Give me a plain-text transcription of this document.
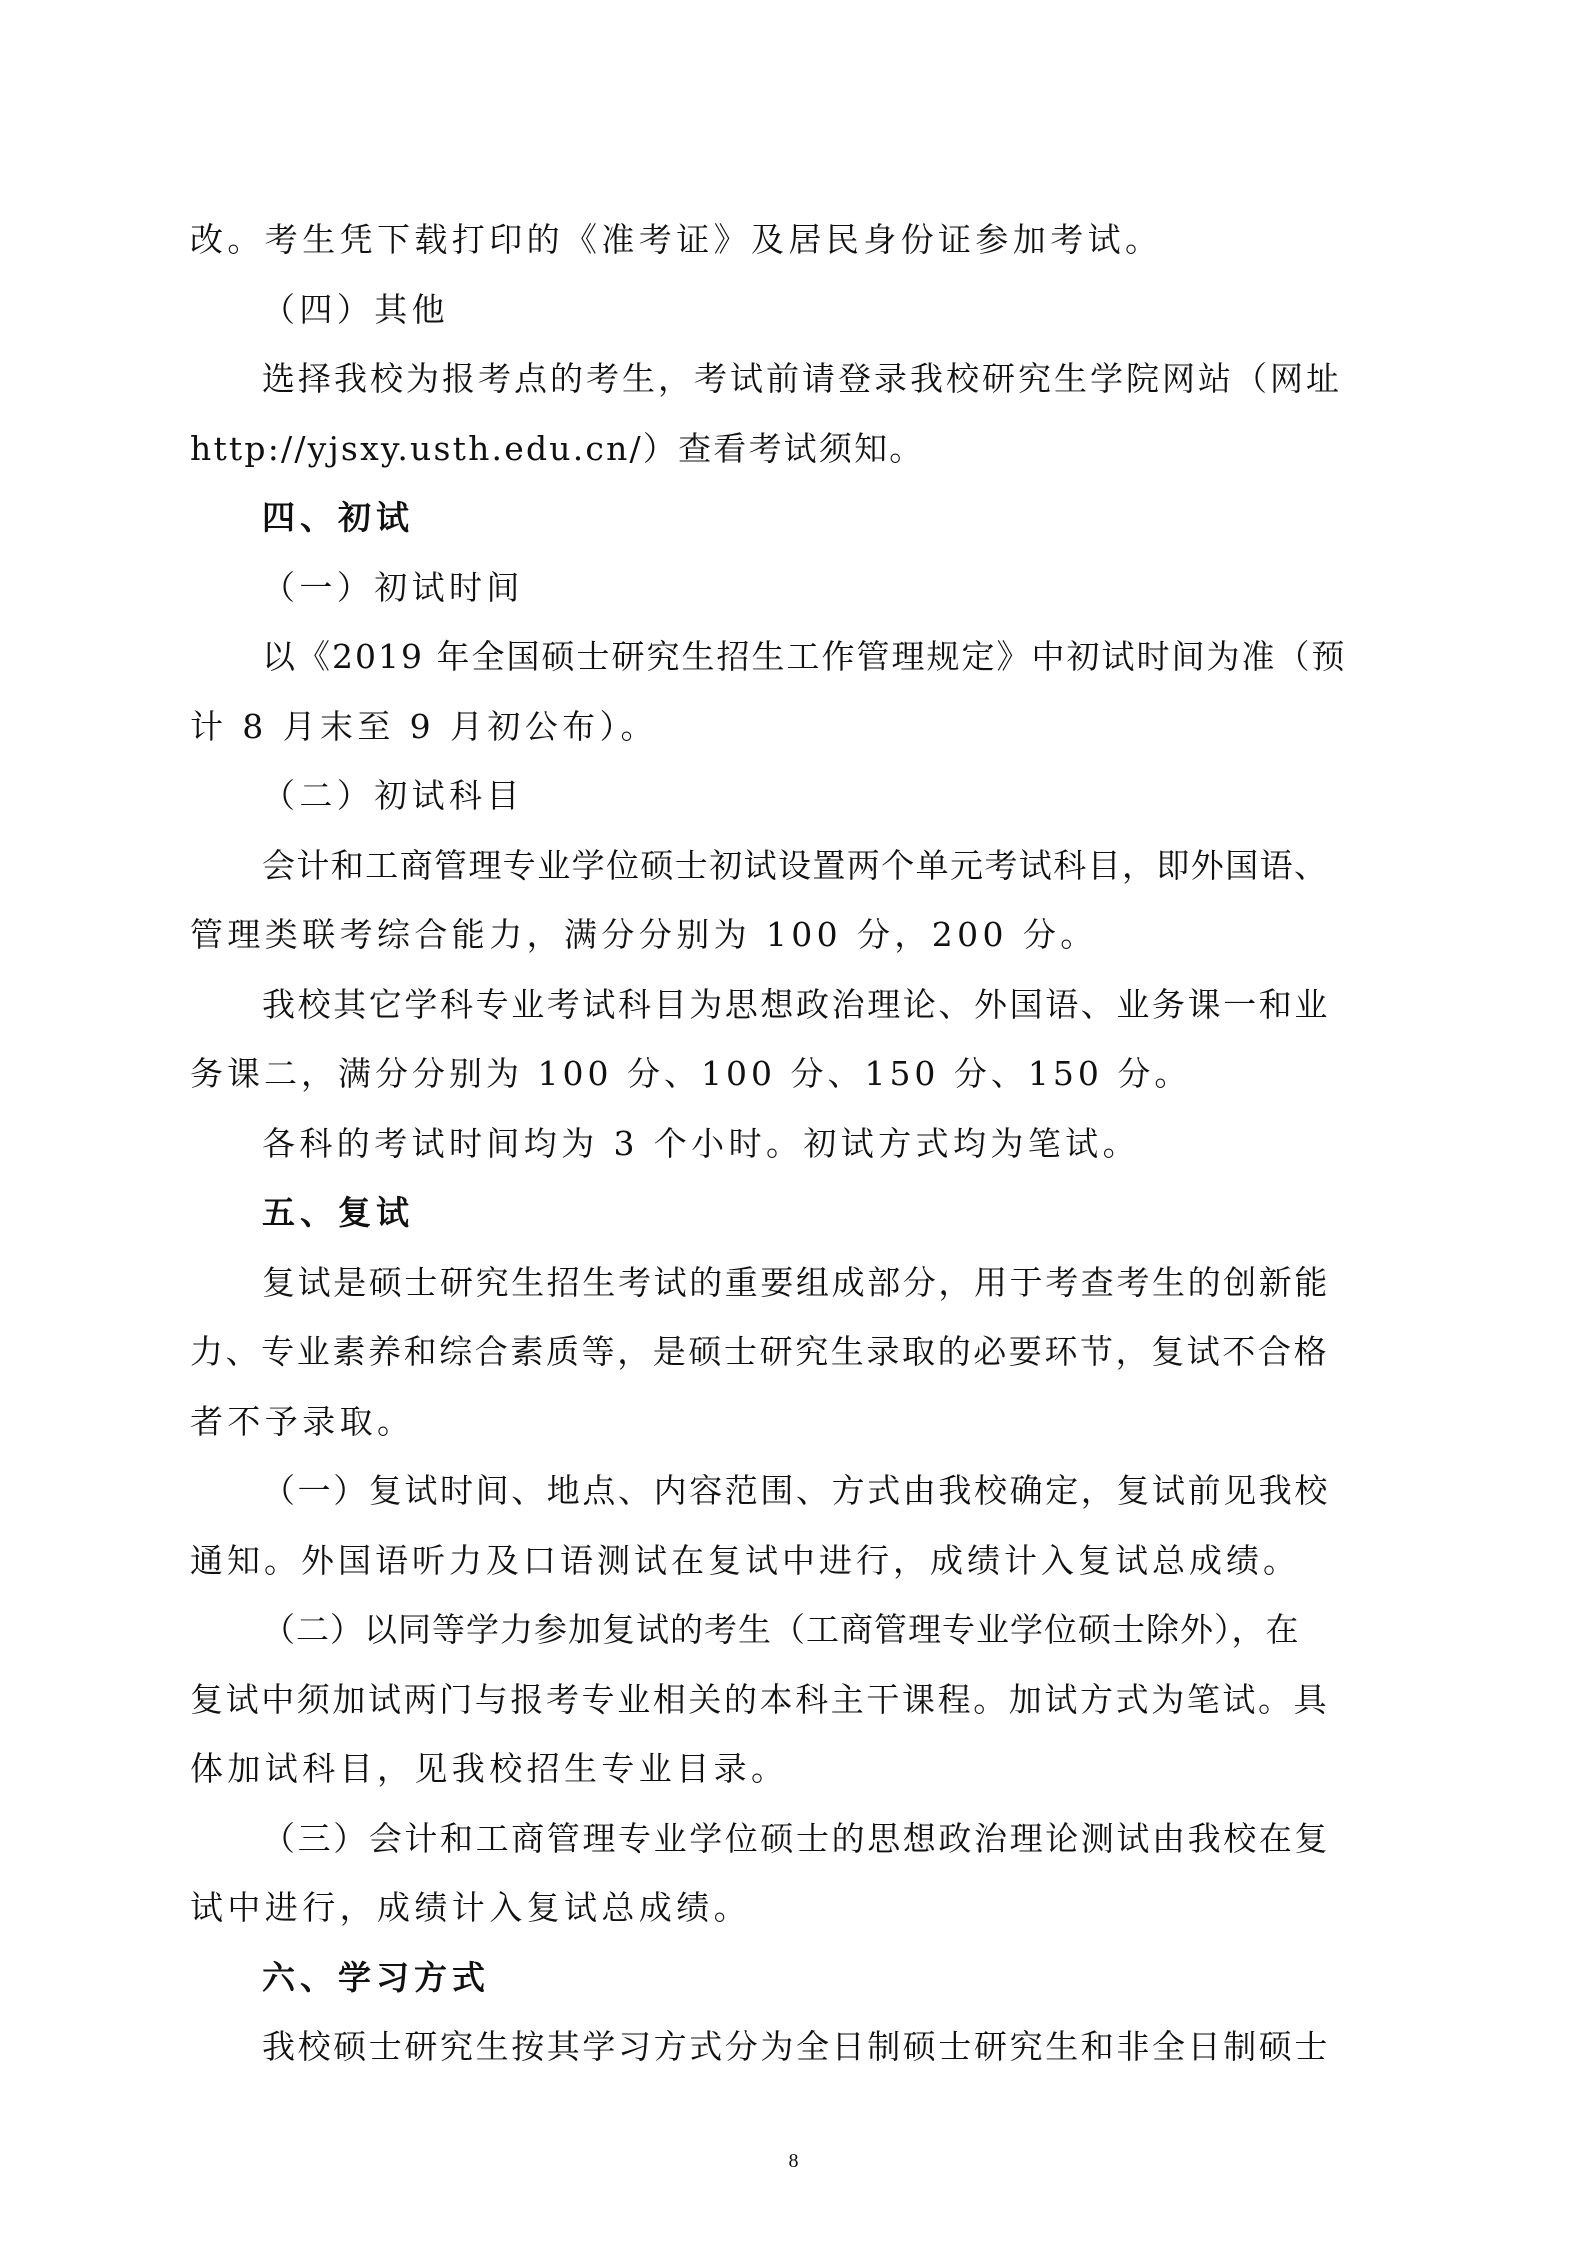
改。考生凭下载打印的《准考证》及居民身份证参加考试。
（四）其他
选择我校为报考点的考生，考试前请登录我校研究生学院网站（网址
http://yjsxy.usth.edu.cn/）查看考试须知。
四、初试
（一）初试时间
以《2019 年全国硕士研究生招生工作管理规定》中初试时间为准（预
计 8 月末至 9 月初公布）。
（二）初试科目
会计和工商管理专业学位硕士初试设置两个单元考试科目，即外国语、
管理类联考综合能力，满分分别为 100 分，200 分。
我校其它学科专业考试科目为思想政治理论、外国语、业务课一和业
务课二，满分分别为 100 分、100 分、150 分、150 分。
各科的考试时间均为 3 个小时。初试方式均为笔试。
五、复试
复试是硕士研究生招生考试的重要组成部分，用于考查考生的创新能
力、专业素养和综合素质等，是硕士研究生录取的必要环节，复试不合格
者不予录取。
（一）复试时间、地点、内容范围、方式由我校确定，复试前见我校
通知。外国语听力及口语测试在复试中进行，成绩计入复试总成绩。
（二）以同等学力参加复试的考生（工商管理专业学位硕士除外），在
复试中须加试两门与报考专业相关的本科主干课程。加试方式为笔试。具
体加试科目，见我校招生专业目录。
（三）会计和工商管理专业学位硕士的思想政治理论测试由我校在复
试中进行，成绩计入复试总成绩。
六、学习方式
我校硕士研究生按其学习方式分为全日制硕士研究生和非全日制硕士
8
